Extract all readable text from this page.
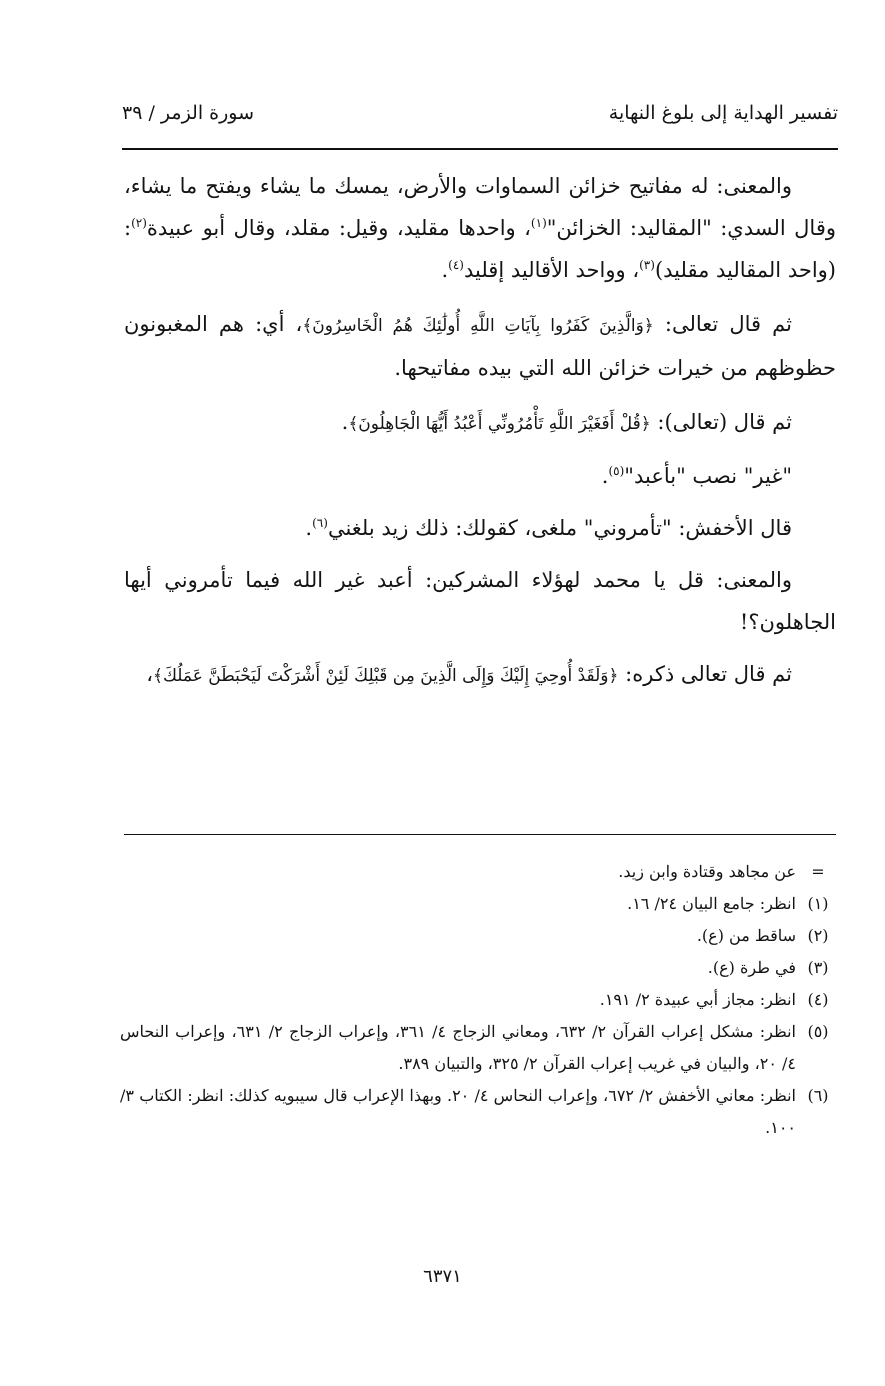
تفسير الهداية إلى بلوغ النهاية
سورة الزمر / ٣٩

والمعنى: له مفاتيح خزائن السماوات والأرض، يمسك ما يشاء ويفتح ما يشاء، وقال السدي: "المقاليد: الخزائن"$^{(١)}$، واحدها مقليد، وقيل: مقلد، وقال أبو عبيدة$^{(٢)}$: (واحد المقاليد مقليد)$^{(٣)}$، وواحد الأقاليد إقليد$^{(٤)}$.

ثم قال تعالى: ﴿وَالَّذِينَ كَفَرُوا بِآيَاتِ اللَّهِ أُولَٰئِكَ هُمُ الْخَاسِرُونَ﴾، أي: هم المغبونون حظوظهم من خيرات خزائن الله التي بيده مفاتيحها.

ثم قال (تعالى): ﴿قُلْ أَفَغَيْرَ اللَّهِ تَأْمُرُونِّي أَعْبُدُ أَيُّهَا الْجَاهِلُونَ﴾.

"غير" نصب "بأعبد"$^{(٥)}$.

قال الأخفش: "تأمروني" ملغى، كقولك: ذلك زيد بلغني$^{(٦)}$.

والمعنى: قل يا محمد لهؤلاء المشركين: أعبد غير الله فيما تأمروني أيها الجاهلون؟!

ثم قال تعالى ذكره: ﴿وَلَقَدْ أُوحِيَ إِلَيْكَ وَإِلَى الَّذِينَ مِن قَبْلِكَ لَئِنْ أَشْرَكْتَ لَيَحْبَطَنَّ عَمَلُكَ﴾،

=
عن مجاهد وقتادة وابن زيد.
(١)
انظر: جامع البيان ٢٤/ ١٦.
(٢)
ساقط من (ع).
(٣)
في طرة (ع).
(٤)
انظر: مجاز أبي عبيدة ٢/ ١٩١.
(٥)
انظر: مشكل إعراب القرآن ٢/ ٦٣٢، ومعاني الزجاج ٤/ ٣٦١، وإعراب الزجاج ٢/ ٦٣١، وإعراب النحاس ٤/ ٢٠، والبيان في غريب إعراب القرآن ٢/ ٣٢٥، والتبيان ٣٨٩.
(٦)
انظر: معاني الأخفش ٢/ ٦٧٢، وإعراب النحاس ٤/ ٢٠. وبهذا الإعراب قال سيبويه كذلك: انظر: الكتاب ٣/ ١٠٠.
٦٣٧١
